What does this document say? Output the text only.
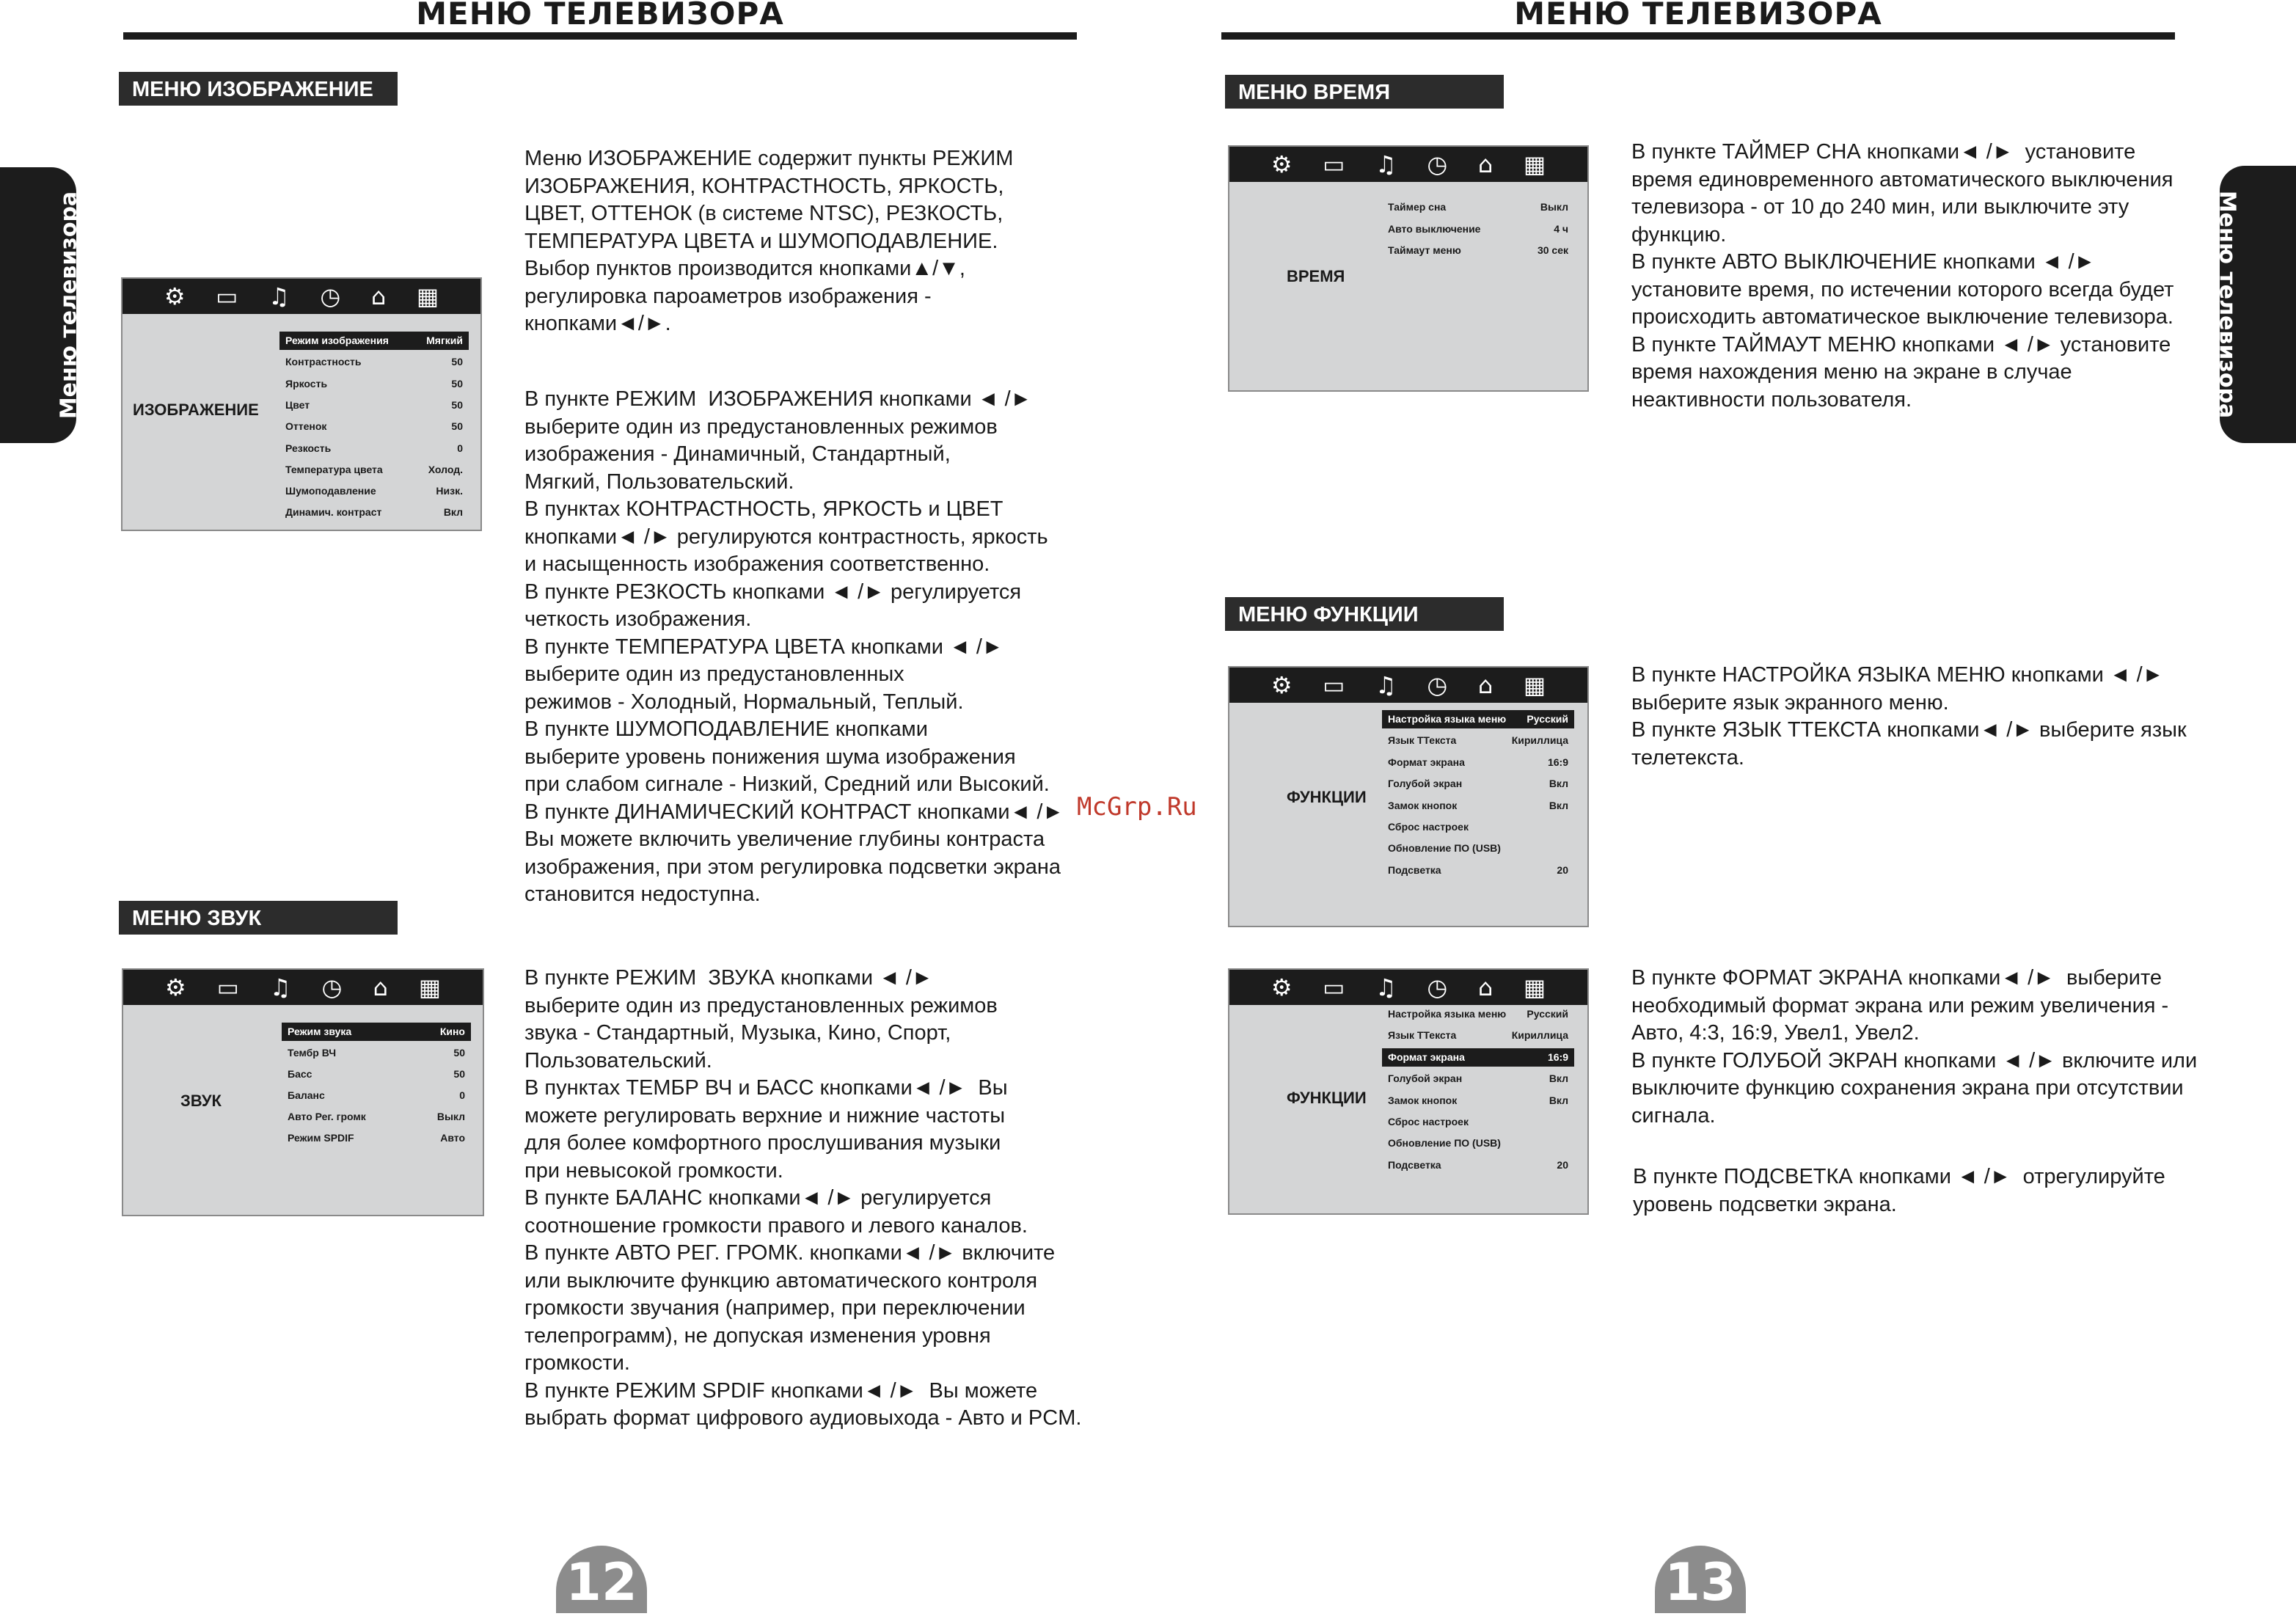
МЕНЮ ТЕЛЕВИЗОРА
Меню телевизора
МЕНЮ ИЗОБРАЖЕНИЕ
Меню ИЗОБРАЖЕНИЕ содержит пункты РЕЖИМ
ИЗОБРАЖЕНИЯ, КОНТРАСТНОСТЬ, ЯРКОСТЬ,
ЦВЕТ, ОТТЕНОК (в системе NTSC), РЕЗКОСТЬ,
ТЕМПЕРАТУРА ЦВЕТА и ШУМОПОДАВЛЕНИЕ.
Выбор пунктов производится кнопками▲/▼,
регулировка пароаметров изображения -
кнопками◄/►.
⚙ ▭ ♫ ◷ ⌂ ▦
ИЗОБРАЖЕНИЕ
Режим изображения	Мягкий
Контрастность	50
Яркость	50
Цвет	50
Оттенок	50
Резкость	0
Температура цвета	Холод.
Шумоподавление	Низк.
Динамич. контраст	Вкл
В пункте РЕЖИМ  ИЗОБРАЖЕНИЯ кнопками ◄ /►
выберите один из предустановленных режимов
изображения - Динамичный, Стандартный,
Мягкий, Пользовательский.
В пунктах КОНТРАСТНОСТЬ, ЯРКОСТЬ и ЦВЕТ
кнопками◄ /► регулируются контрастность, яркость
и насыщенность изображения соответственно.
В пункте РЕЗКОСТЬ кнопками ◄ /► регулируется
четкость изображения.
В пункте ТЕМПЕРАТУРА ЦВЕТА кнопками ◄ /►
выберите один из предустановленных
режимов - Холодный, Нормальный, Теплый.
В пункте ШУМОПОДАВЛЕНИЕ кнопками
выберите уровень понижения шума изображения
при слабом сигнале - Низкий, Средний или Высокий.
В пункте ДИНАМИЧЕСКИЙ КОНТРАСТ кнопками◄ /►
Вы можете включить увеличение глубины контраста
изображения, при этом регулировка подсветки экрана
становится недоступна.
МЕНЮ ЗВУК
⚙ ▭ ♫ ◷ ⌂ ▦
ЗВУК
Режим звука	Кино
Тембр ВЧ	50
Басс	50
Баланс	0
Авто Рег. громк	Выкл
Режим SPDIF	Авто
В пункте РЕЖИМ  ЗВУКА кнопками ◄ /►
выберите один из предустановленных режимов
звука - Стандартный, Музыка, Кино, Спорт,
Пользовательский.
В пунктах ТЕМБР ВЧ и БАСС кнопками◄ /►  Вы
можете регулировать верхние и нижние частоты
для более комфортного прослушивания музыки
при невысокой громкости.
В пункте БАЛАНС кнопками◄ /► регулируется
соотношение громкости правого и левого каналов.
В пункте АВТО РЕГ. ГРОМК. кнопками◄ /► включите
или выключите функцию автоматического контроля
громкости звучания (например, при переключении
телепрограмм), не допуская изменения уровня
громкости.
В пункте РЕЖИМ SPDIF кнопками◄ /►  Вы можете
выбрать формат цифрового аудиовыхода - Авто и PCM.
McGrp.Ru
12
МЕНЮ ТЕЛЕВИЗОРА
Меню телевизора
МЕНЮ ВРЕМЯ
⚙ ▭ ♫ ◷ ⌂ ▦
ВРЕМЯ
Таймер сна	Выкл
Авто выключение	4 ч
Таймаут меню	30 сек
В пункте ТАЙМЕР СНА кнопками◄ /►  установите
время единовременного автоматического выключения
телевизора - от 10 до 240 мин, или выключите эту
функцию.
В пункте АВТО ВЫКЛЮЧЕНИЕ кнопками ◄ /►
установите время, по истечении которого всегда будет
происходить автоматическое выключение телевизора.
В пункте ТАЙМАУТ МЕНЮ кнопками ◄ /► установите
время нахождения меню на экране в случае
неактивности пользователя.
МЕНЮ ФУНКЦИИ
⚙ ▭ ♫ ◷ ⌂ ▦
ФУНКЦИИ
Настройка языка меню Русский
Язык ТТекста	Кириллица
Формат экрана	16:9
Голубой экран	Вкл
Замок кнопок	Вкл
Сброс настроек
Обновление ПО (USB)
Подсветка	20
В пункте НАСТРОЙКА ЯЗЫКА МЕНЮ кнопками ◄ /►
выберите язык экранного меню.
В пункте ЯЗЫК ТТЕКСТА кнопками◄ /► выберите язык
телетекста.
⚙ ▭ ♫ ◷ ⌂ ▦
ФУНКЦИИ
Настройка языка меню Русский
Язык ТТекста	Кириллица
Формат экрана	16:9
Голубой экран	Вкл
Замок кнопок	Вкл
Сброс настроек
Обновление ПО (USB)
Подсветка	20
В пункте ФОРМАТ ЭКРАНА кнопками◄ /►  выберите
необходимый формат экрана или режим увеличения -
Авто, 4:3, 16:9, Увел1, Увел2.
В пункте ГОЛУБОЙ ЭКРАН кнопками ◄ /► включите или
выключите функцию сохранения экрана при отсутствии
сигнала.
В пункте ПОДСВЕТКА кнопками ◄ /►  отрегулируйте
уровень подсветки экрана.
13
